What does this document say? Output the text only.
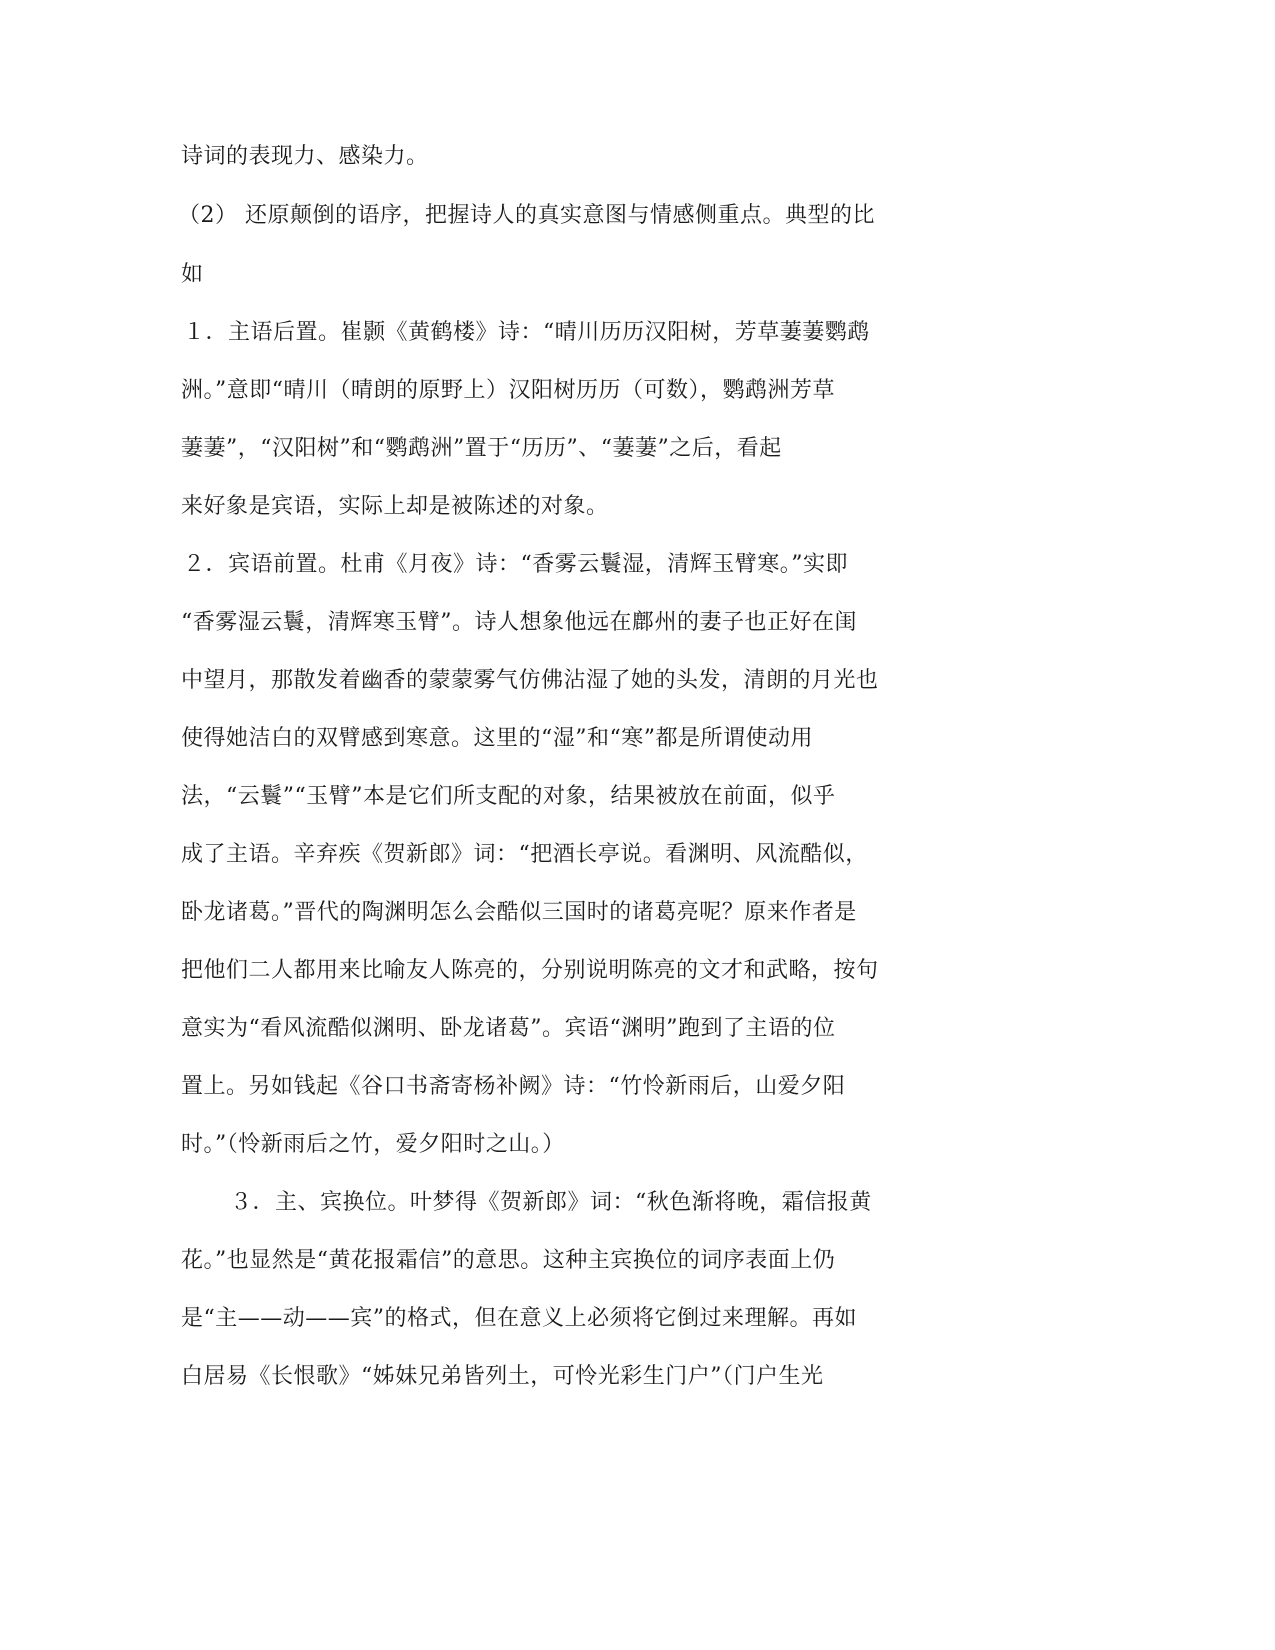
诗词的表现力、感染力。
（2） 还原颠倒的语序，把握诗人的真实意图与情感侧重点。典型的比
如
１．主语后置。崔颢《黄鹤楼》诗：“晴川历历汉阳树，芳草萋萋鹦鹉
洲。”意即“晴川（晴朗的原野上）汉阳树历历（可数），鹦鹉洲芳草
萋萋”，“汉阳树”和“鹦鹉洲”置于“历历”、“萋萋”之后，看起
来好象是宾语，实际上却是被陈述的对象。
２．宾语前置。杜甫《月夜》诗：“香雾云鬟湿，清辉玉臂寒。”实即
“香雾湿云鬟，清辉寒玉臂”。诗人想象他远在鄜州的妻子也正好在闺
中望月，那散发着幽香的蒙蒙雾气仿佛沾湿了她的头发，清朗的月光也
使得她洁白的双臂感到寒意。这里的“湿”和“寒”都是所谓使动用
法，“云鬟”“玉臂”本是它们所支配的对象，结果被放在前面，似乎
成了主语。辛弃疾《贺新郎》词：“把酒长亭说。看渊明、风流酷似，
卧龙诸葛。”晋代的陶渊明怎么会酷似三国时的诸葛亮呢？原来作者是
把他们二人都用来比喻友人陈亮的，分别说明陈亮的文才和武略，按句
意实为“看风流酷似渊明、卧龙诸葛”。宾语“渊明”跑到了主语的位
置上。另如钱起《谷口书斋寄杨补阙》诗：“竹怜新雨后，山爱夕阳
时。”（怜新雨后之竹，爱夕阳时之山。）
３．主、宾换位。叶梦得《贺新郎》词：“秋色渐将晚，霜信报黄
花。”也显然是“黄花报霜信”的意思。这种主宾换位的词序表面上仍
是“主——动——宾”的格式，但在意义上必须将它倒过来理解。再如
白居易《长恨歌》“姊妹兄弟皆列土，可怜光彩生门户”（门户生光
